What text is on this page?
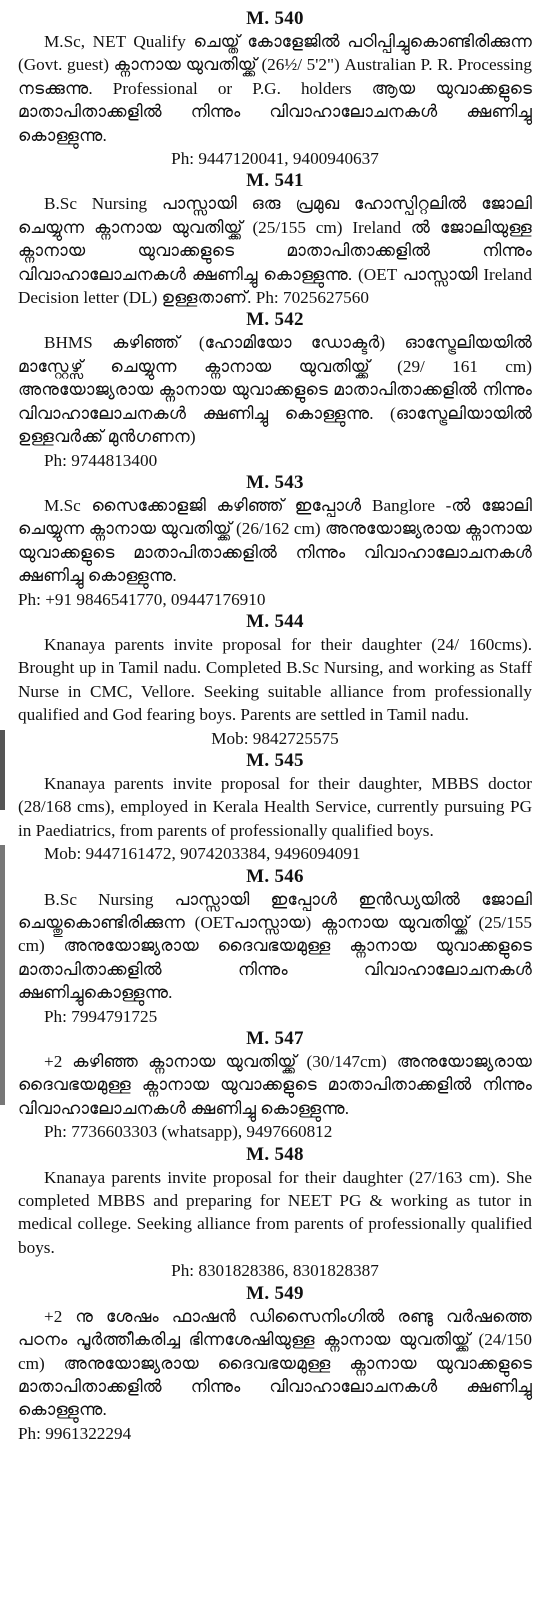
M. 540
M.Sc, NET Qualify ചെയ്ത് കോളേജിൽ പഠിപ്പിച്ചുകൊണ്ടിരിക്കുന്ന (Govt. guest) ക്നാനായ യുവതിയ്ക്ക് (26½/ 5'2") Australian P. R. Processing നടക്കുന്നു. Professional or P.G. holders ആയ യുവാക്കളുടെ മാതാപിതാക്കളിൽ നിന്നും വിവാഹാലോചനകൾ ക്ഷണിച്ചു കൊള്ളുന്നു.
Ph: 9447120041, 9400940637
M. 541
B.Sc Nursing പാസ്സായി ഒരു പ്രമുഖ ഹോസ്പിറ്റലിൽ ജോലി ചെയ്യുന്ന ക്നാനായ യുവതിയ്ക്ക് (25/155 cm) Ireland ൽ ജോലിയുള്ള ക്നാനായ യുവാക്കളുടെ മാതാപിതാക്കളിൽ നിന്നും വിവാഹാലോചനകൾ ക്ഷണിച്ചു കൊള്ളുന്നു. (OET പാസ്സായി Ireland Decision letter (DL) ഉള്ളതാണ്. Ph: 7025627560
M. 542
BHMS കഴിഞ്ഞ് (ഹോമിയോ ഡോക്ടർ) ഓസ്ട്രേലിയയിൽ മാസ്റ്റേഴ്സ് ചെയ്യുന്ന ക്നാനായ യുവതിയ്ക്ക് (29/ 161 cm) അനുയോജ്യരായ ക്നാനായ യുവാക്കളുടെ മാതാപിതാക്കളിൽ നിന്നും വിവാഹാലോചനകൾ ക്ഷണിച്ചു കൊള്ളുന്നു. (ഓസ്ട്രേലിയായിൽ ഉള്ളവർക്ക് മുൻഗണന)
Ph: 9744813400
M. 543
M.Sc സൈക്കോളജി കഴിഞ്ഞ് ഇപ്പോൾ Banglore -ൽ ജോലി ചെയ്യുന്ന ക്നാനായ യുവതിയ്ക്ക് (26/162 cm) അനുയോജ്യരായ ക്നാനായ യുവാക്കളുടെ മാതാപിതാക്കളിൽ നിന്നും വിവാഹാലോചനകൾ ക്ഷണിച്ചു കൊള്ളുന്നു.
Ph: +91 9846541770, 09447176910
M. 544
Knanaya parents invite proposal for their daughter (24/ 160cms). Brought up in Tamil nadu. Completed B.Sc Nursing, and working as Staff Nurse in CMC, Vellore. Seeking suitable alliance from professionally qualified and God fearing boys. Parents are settled in Tamil nadu.
Mob: 9842725575
M. 545
Knanaya parents invite proposal for their daughter, MBBS doctor (28/168 cms), employed in Kerala Health Service, currently pursuing PG in Paediatrics, from parents of professionally qualified boys.
Mob: 9447161472, 9074203384, 9496094091
M. 546
B.Sc Nursing പാസ്സായി ഇപ്പോൾ ഇൻഡ്യയിൽ ജോലി ചെയ്തുകൊണ്ടിരിക്കുന്ന (OETപാസ്സായ) ക്നാനായ യുവതിയ്ക്ക് (25/155 cm) അനുയോജ്യരായ ദൈവഭയമുള്ള ക്നാനായ യുവാക്കളുടെ മാതാപിതാക്കളിൽ നിന്നും വിവാഹാലോചനകൾ ക്ഷണിച്ചുകൊള്ളുന്നു.
Ph: 7994791725
M. 547
+2 കഴിഞ്ഞ ക്നാനായ യുവതിയ്ക്ക് (30/147cm) അനുയോജ്യരായ ദൈവഭയമുള്ള ക്നാനായ യുവാക്കളുടെ മാതാപിതാക്കളിൽ നിന്നും വിവാഹാലോചനകൾ ക്ഷണിച്ചു കൊള്ളുന്നു.
Ph: 7736603303 (whatsapp), 9497660812
M. 548
Knanaya parents invite proposal for their daughter (27/163 cm). She completed MBBS and preparing for NEET PG & working as tutor in medical college. Seeking alliance from parents of professionally qualified boys.
Ph: 8301828386, 8301828387
M. 549
+2 നു ശേഷം ഫാഷൻ ഡിസൈനിംഗിൽ രണ്ടു വർഷത്തെ പഠനം പൂർത്തീകരിച്ച ഭിന്നശേഷിയുള്ള ക്നാനായ യുവതിയ്ക്ക് (24/150 cm) അനുയോജ്യരായ ദൈവഭയമുള്ള ക്നാനായ യുവാക്കളുടെ മാതാപിതാക്കളിൽ നിന്നും വിവാഹാലോചനകൾ ക്ഷണിച്ചു കൊള്ളുന്നു.
Ph: 9961322294
